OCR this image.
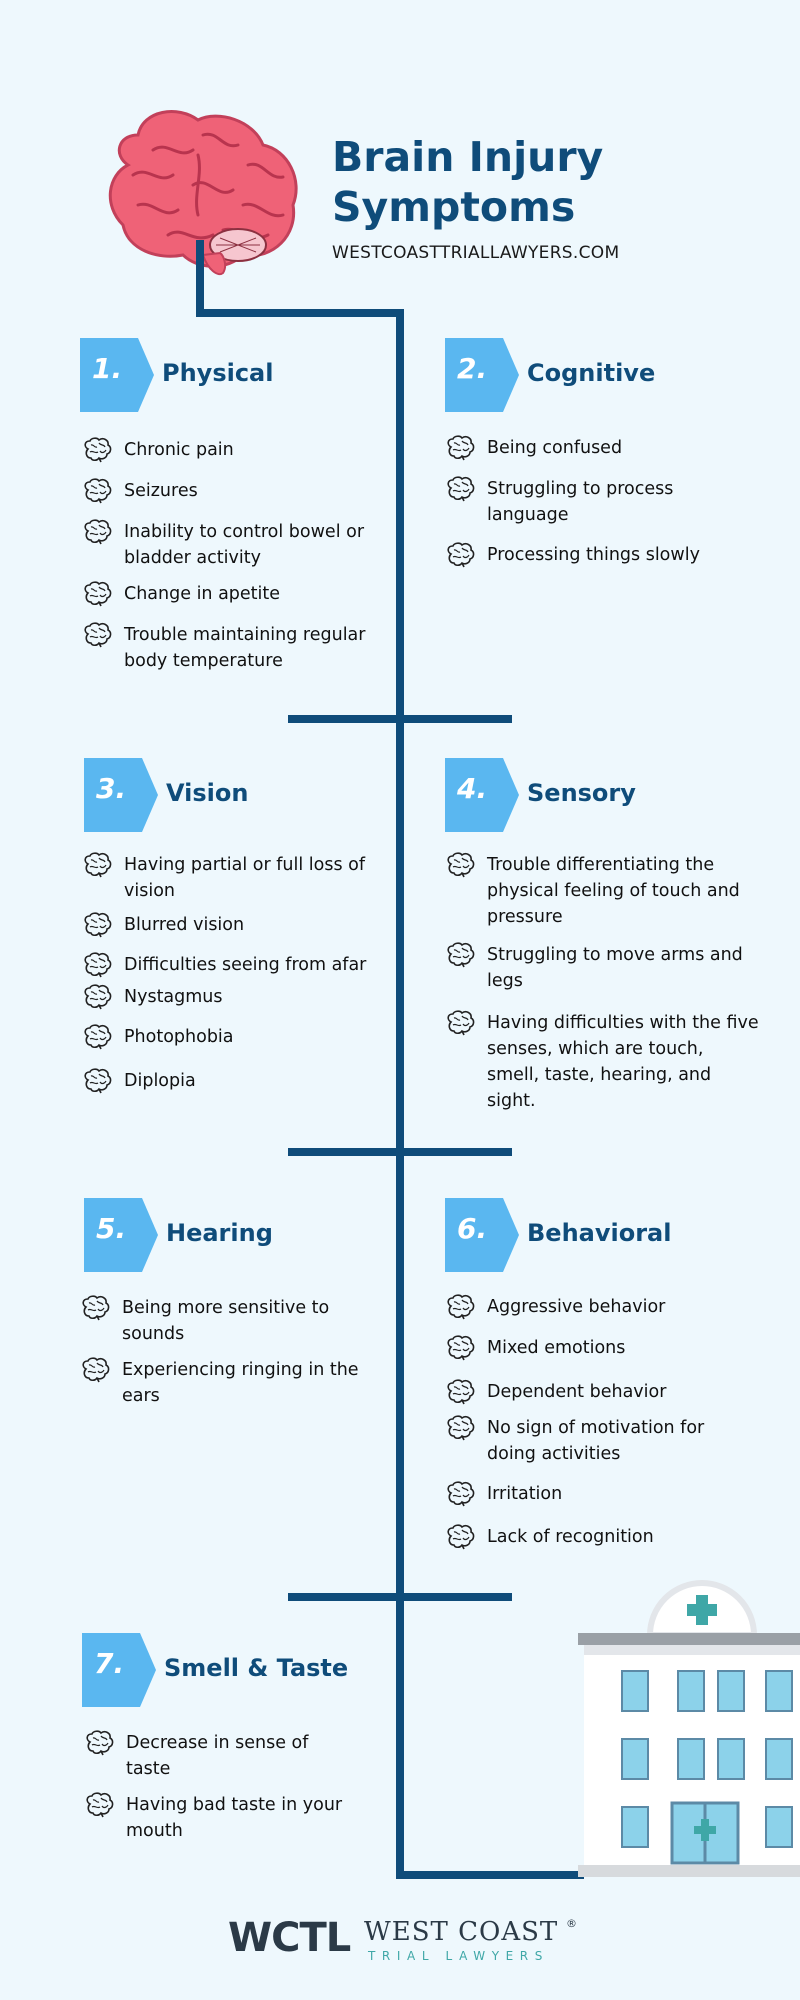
Brain Injury
Symptoms
WESTCOASTTRIALLAWYERS.COM
1. Physical
Chronic pain
Seizures
Inability to control bowel or bladder activity
Change in apetite
Trouble maintaining regular body temperature
2. Cognitive
Being confused
Struggling to process language
Processing things slowly
3. Vision
Having partial or full loss of vision
Blurred vision
Difficulties seeing from afar
Nystagmus
Photophobia
Diplopia
4. Sensory
Trouble differentiating the physical feeling of touch and pressure
Struggling to move arms and legs
Having difficulties with the five senses, which are touch, smell, taste, hearing, and sight.
5. Hearing
Being more sensitive to sounds
Experiencing ringing in the ears
6. Behavioral
Aggressive behavior
Mixed emotions
Dependent behavior
No sign of motivation for doing activities
Irritation
Lack of recognition
7. Smell & Taste
Decrease in sense of taste
Having bad taste in your mouth
WCTL WEST COAST ®
TRIAL LAWYERS
